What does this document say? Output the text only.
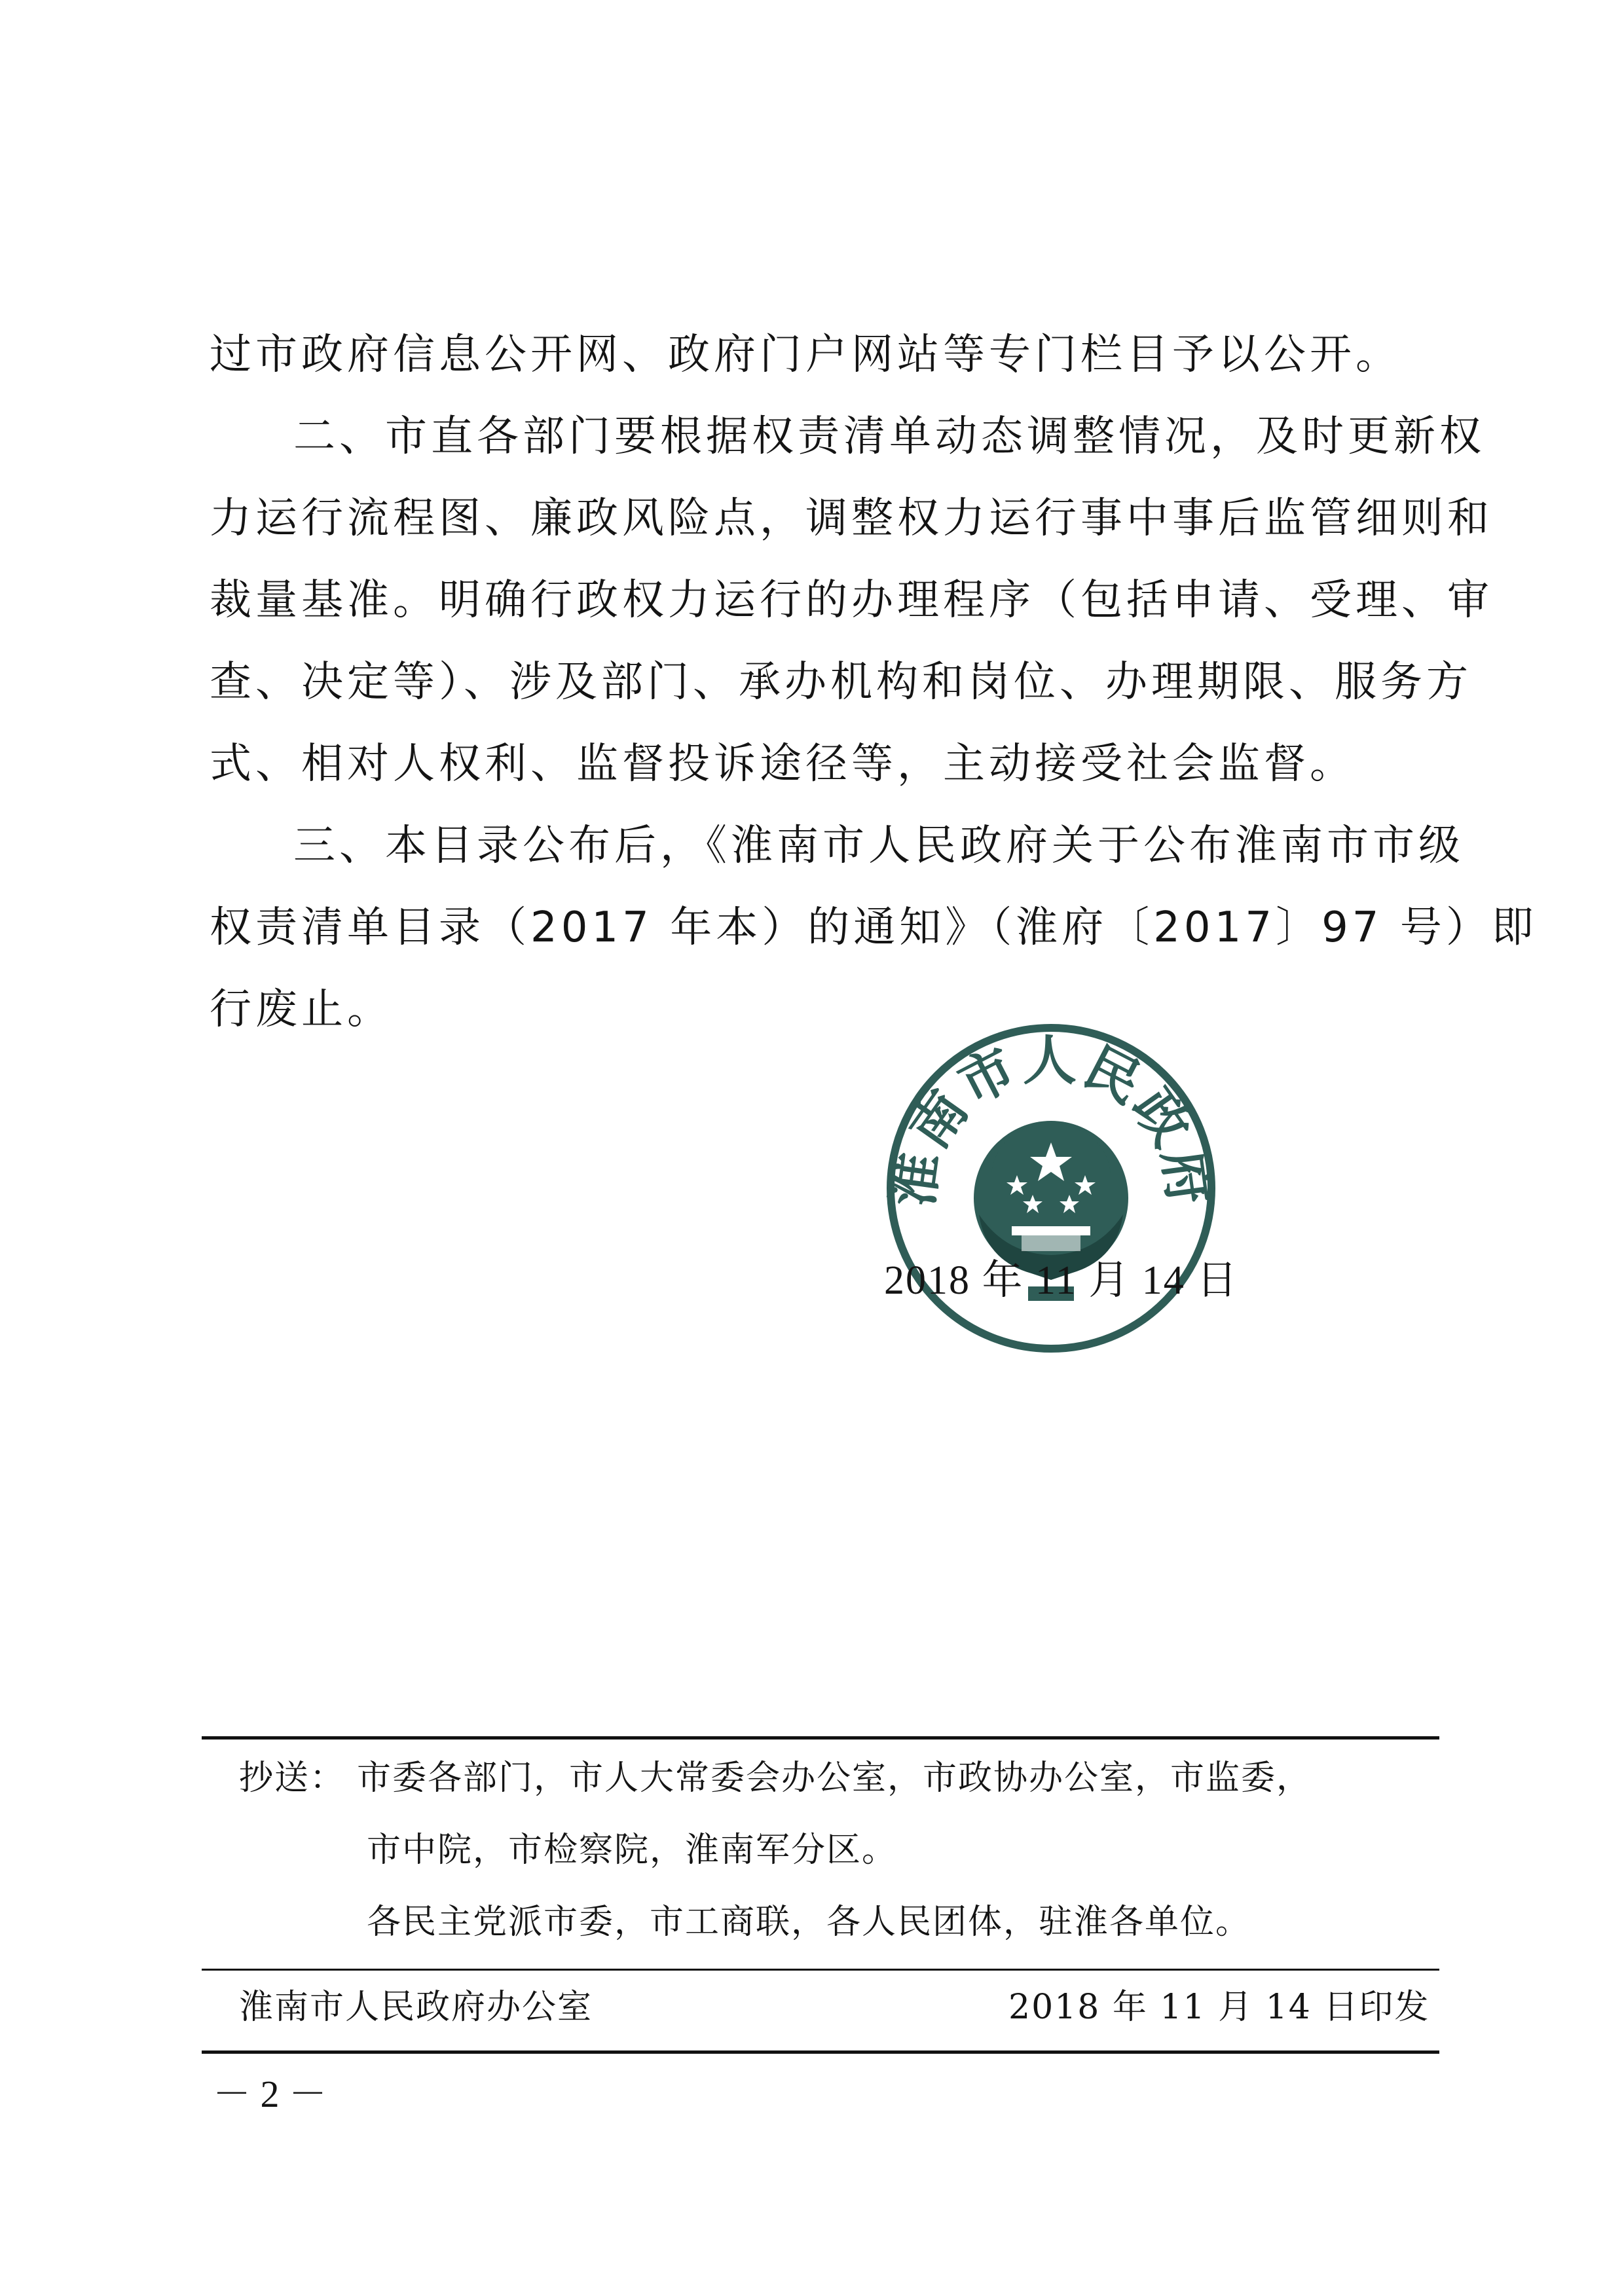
过市政府信息公开网、政府门户网站等专门栏目予以公开。
二、市直各部门要根据权责清单动态调整情况，及时更新权
力运行流程图、廉政风险点，调整权力运行事中事后监管细则和
裁量基准。明确行政权力运行的办理程序（包括申请、受理、审
查、决定等）、涉及部门、承办机构和岗位、办理期限、服务方
式、相对人权利、监督投诉途径等，主动接受社会监督。
三、本目录公布后，《淮南市人民政府关于公布淮南市市级
权责清单目录（2017 年本）的通知》（淮府〔2017〕97 号）即
行废止。
淮南市人民政府
2018 年 11 月 14 日
抄送： 市委各部门，市人大常委会办公室，市政协办公室，市监委，
市中院，市检察院，淮南军分区。
各民主党派市委，市工商联，各人民团体，驻淮各单位。
淮南市人民政府办公室	2018 年 11 月 14 日印发
－ 2 －
